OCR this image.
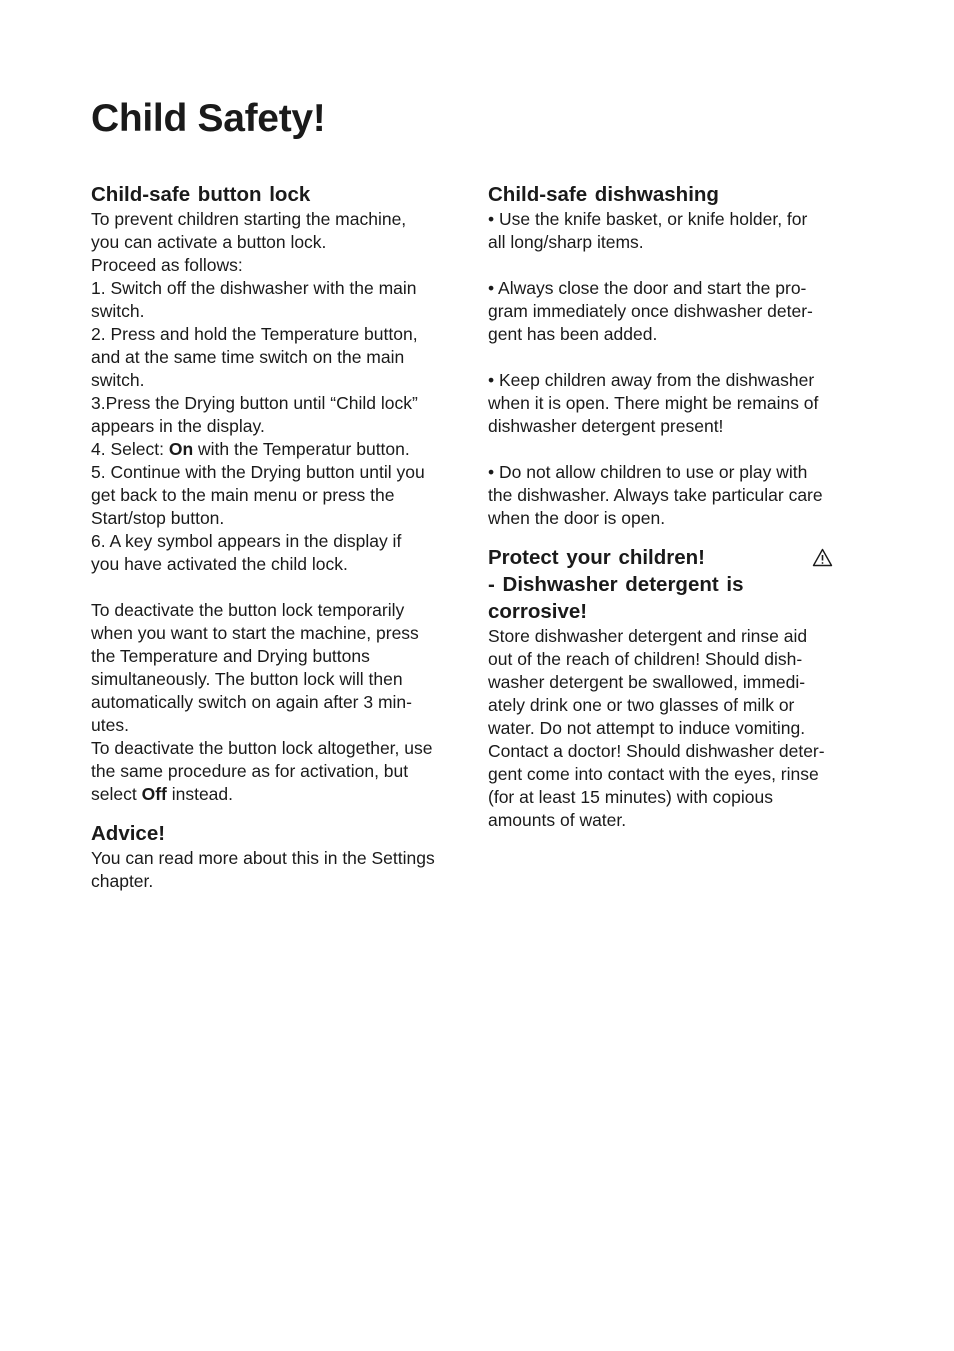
Child Safety!
Child-safe button lock

To prevent children starting the machine,

you can activate a button lock.

Proceed as follows:

1. Switch off the dishwasher with the main

switch.

2. Press and hold the Temperature button,

and at the same time switch on the main

switch.

3.Press the Drying button until “Child lock”

appears in the display.

4. Select: On with the Temperatur button.

5. Continue with the Drying button until you

get back to the main menu or press the

Start/stop button.

6. A key symbol appears in the display if

you have activated the child lock.

To deactivate the button lock temporarily

when you want to start the machine, press

the Temperature and Drying buttons

simultaneously. The button lock will then

automatically switch on again after 3 min-

utes.

To deactivate the button lock altogether, use

the same procedure as for activation, but

select Off instead.

Advice!

You can read more about this in the Settings

chapter.

Child-safe dishwashing

• Use the knife basket, or knife holder, for

all long/sharp items.

• Always close the door and start the pro-

gram immediately once dishwasher deter-

gent has been added.

• Keep children away from the dishwasher

when it is open. There might be remains of

dishwasher detergent present!

• Do not allow children to use or play with

the dishwasher. Always take particular care

when the door is open.

Protect your children!
- Dishwasher detergent is
corrosive!

Store dishwasher detergent and rinse aid

out of the reach of children! Should dish-

washer detergent be swallowed, immedi-

ately drink one or two glasses of milk or

water. Do not attempt to induce vomiting.

Contact a doctor! Should dishwasher deter-

gent come into contact with the eyes, rinse

(for at least 15 minutes) with copious

amounts of water.
